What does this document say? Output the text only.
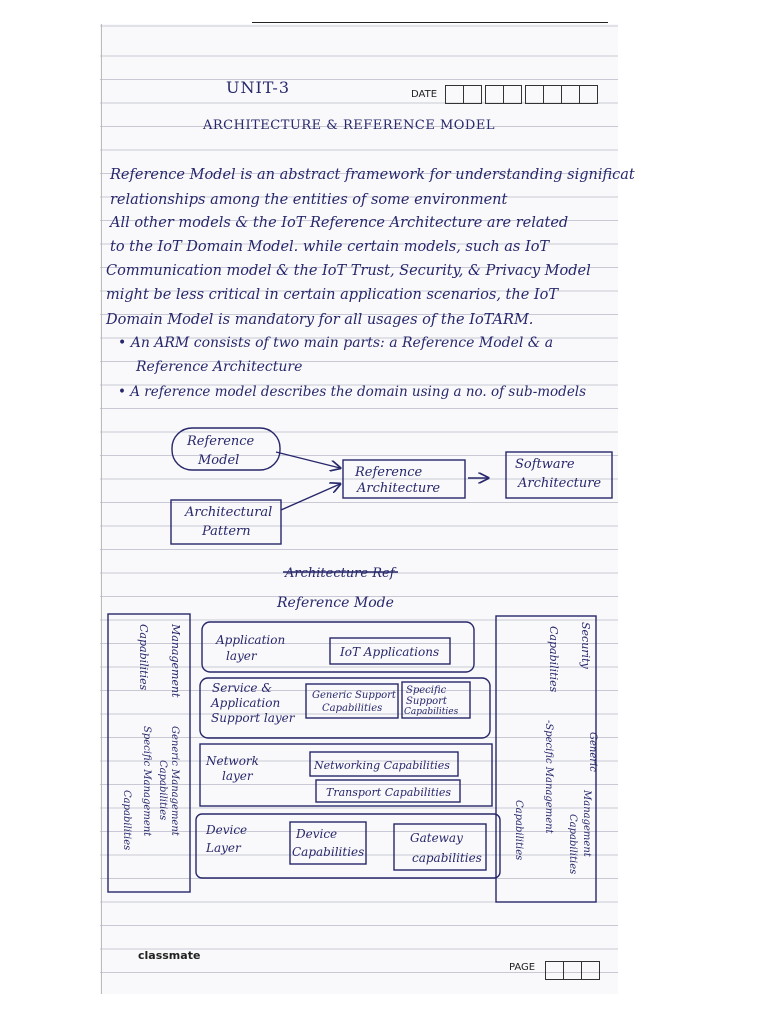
UNIT-3	DATE
ARCHITECTURE & REFERENCE MODEL
Reference Model is an abstract framework for understanding significat
relationships among the entities of some environment
All other models & the IoT Reference Architecture are related
to the IoT Domain Model. while certain models, such as IoT
Communication model & the IoT Trust, Security, & Privacy Model
might be less critical in certain application scenarios, the IoT
Domain Model is mandatory for all usages of the IoTARM.
• An ARM consists of two main parts: a Reference Model & a
Reference Architecture
• A reference model describes the domain using a no. of sub-models
Reference
Model
Architectural
Pattern
Reference
Architecture
Software
Architecture
Architecture Ref
Reference Mode
Management
Capabilities
Generic Management
Capabilities
Specific Management
Capabilities
Security
Capabilities
Generic
Management
Capabilities
-Specific Management
Capabilities
Application
layer	IoT Applications
Service &
Application
Support layer
Generic Support
Capabilities
Specific
Support
Capabilities
Network
layer
Networking Capabilities
Transport Capabilities
Device
Layer
Device
Capabilities
Gateway
capabilities
classmate
PAGE
